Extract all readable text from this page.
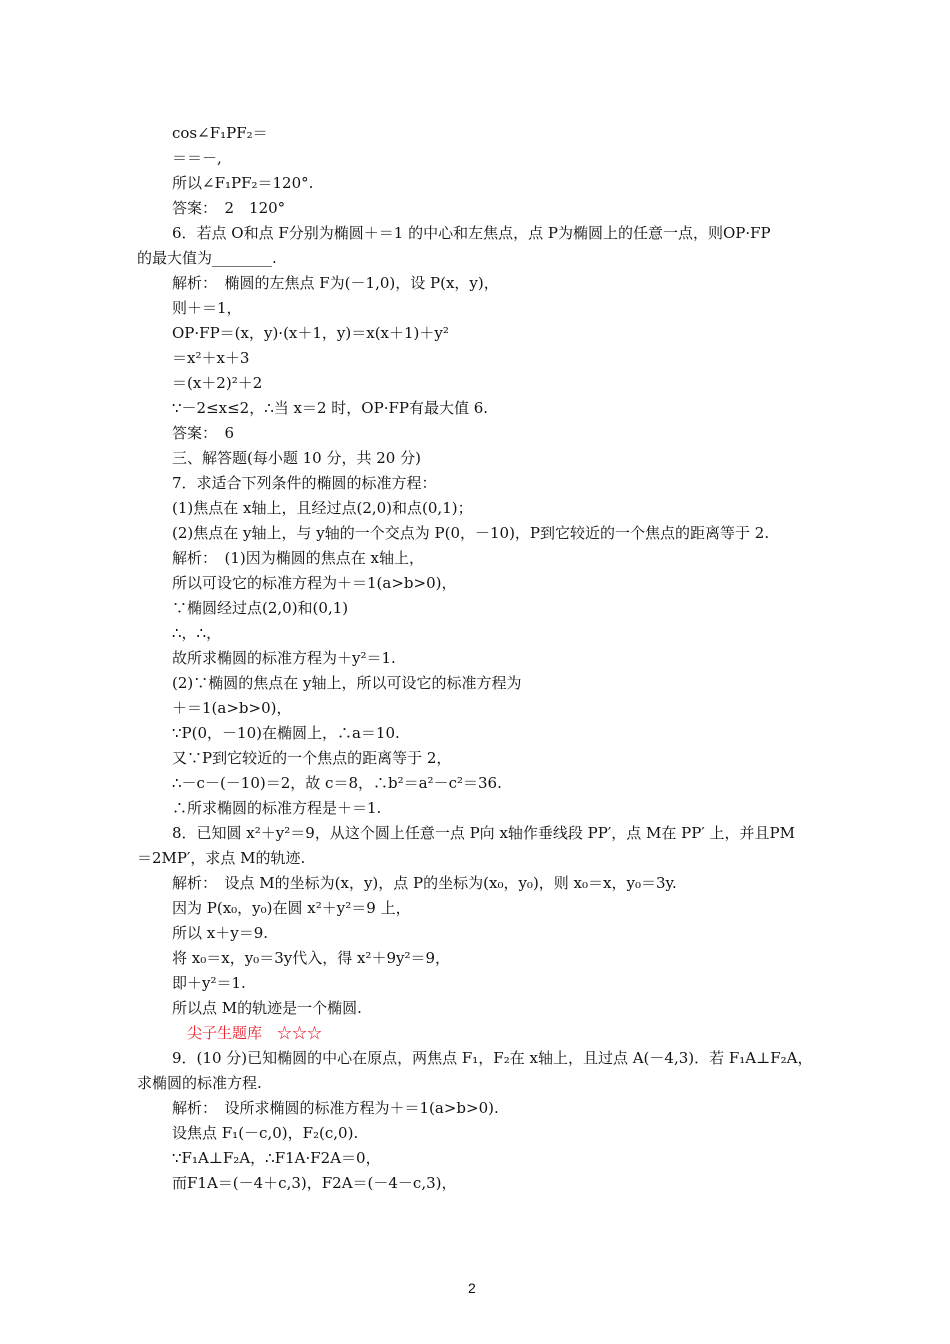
cos∠F₁PF₂＝
＝＝－,
所以∠F₁PF₂＝120°.
答案：　2　120°
6．若点 O和点 F分别为椭圆＋＝1 的中心和左焦点，点 P为椭圆上的任意一点，则OP·FP
的最大值为________.
解析：　椭圆的左焦点 F为(－1,0)，设 P(x，y)，
则＋＝1，
OP·FP＝(x，y)·(x＋1，y)＝x(x＋1)＋y²
＝x²＋x＋3
＝(x＋2)²＋2
∵－2≤x≤2，∴当 x＝2 时，OP·FP有最大值 6.
答案：　6
三、解答题(每小题 10 分，共 20 分)
7．求适合下列条件的椭圆的标准方程：
(1)焦点在 x轴上，且经过点(2,0)和点(0,1)；
(2)焦点在 y轴上，与 y轴的一个交点为 P(0，－10)，P到它较近的一个焦点的距离等于 2.
解析：　(1)因为椭圆的焦点在 x轴上，
所以可设它的标准方程为＋＝1(a>b>0)，
∵椭圆经过点(2,0)和(0,1)
∴，∴，
故所求椭圆的标准方程为＋y²＝1.
(2)∵椭圆的焦点在 y轴上，所以可设它的标准方程为
＋＝1(a>b>0)，
∵P(0，－10)在椭圆上，∴a＝10.
又∵P到它较近的一个焦点的距离等于 2，
∴－c－(－10)＝2，故 c＝8，∴b²＝a²－c²＝36.
∴所求椭圆的标准方程是＋＝1.
8．已知圆 x²＋y²＝9，从这个圆上任意一点 P向 x轴作垂线段 PP′，点 M在 PP′ 上，并且PM
＝2MP′，求点 M的轨迹.
解析：　设点 M的坐标为(x，y)，点 P的坐标为(x₀，y₀)，则 x₀＝x，y₀＝3y.
因为 P(x₀，y₀)在圆 x²＋y²＝9 上，
所以 x＋y＝9.
将 x₀＝x，y₀＝3y代入，得 x²＋9y²＝9，
即＋y²＝1.
所以点 M的轨迹是一个椭圆.
尖子生题库　☆☆☆
9．(10 分)已知椭圆的中心在原点，两焦点 F₁，F₂在 x轴上，且过点 A(－4,3)．若 F₁A⊥F₂A，
求椭圆的标准方程.
解析：　设所求椭圆的标准方程为＋＝1(a>b>0).
设焦点 F₁(－c,0)，F₂(c,0).
∵F₁A⊥F₂A，∴F1A·F2A＝0，
而F1A＝(－4＋c,3)，F2A＝(－4－c,3)，
2
